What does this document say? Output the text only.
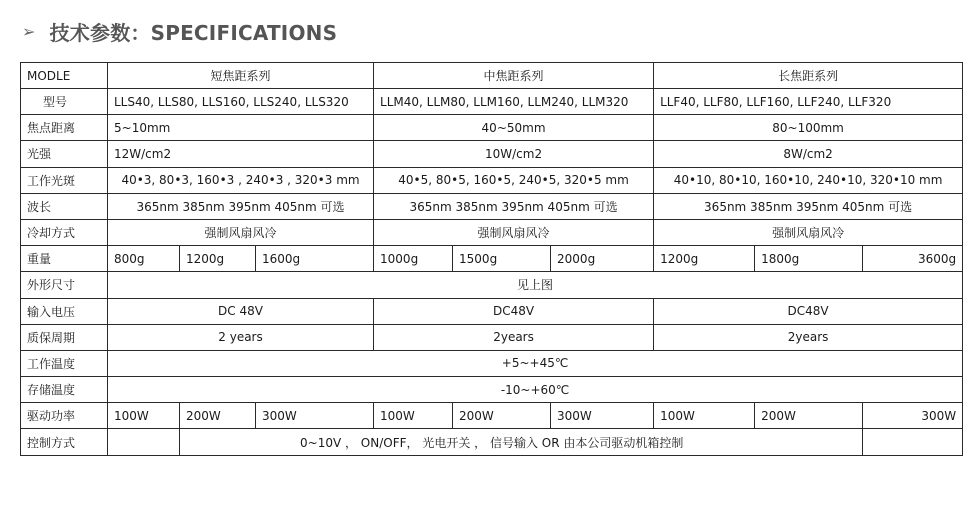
➢ 技术参数：SPECIFICATIONS
MODLE	短焦距系列			中焦距系列			长焦距系列		
型号	LLS40, LLS80, LLS160, LLS240, LLS320			LLM40, LLM80, LLM160, LLM240, LLM320			LLF40, LLF80, LLF160, LLF240, LLF320		
焦点距离	5~10mm			40~50mm			80~100mm		
光强	12W/cm2			10W/cm2			8W/cm2		
工作光斑	40•3, 80•3, 160•3 , 240•3 , 320•3 mm			40•5, 80•5, 160•5, 240•5, 320•5 mm			40•10, 80•10, 160•10, 240•10, 320•10 mm		
波长	365nm 385nm 395nm 405nm 可选			365nm 385nm 395nm 405nm 可选			365nm 385nm 395nm 405nm 可选		
冷却方式	强制风扇风冷			强制风扇风冷			强制风扇风冷		
重量	800g	1200g	1600g	1000g	1500g	2000g	1200g	1800g	3600g
外形尺寸	见上图								
输入电压	DC 48V			DC48V			DC48V		
质保周期	2 years			2years			2years		
工作温度	+5~+45℃								
存储温度	-10~+60℃								
驱动功率	100W	200W	300W	100W	200W	300W	100W	200W	300W
控制方式		0~10V ， ON/OFF， 光电开关 ， 信号输入 OR 由本公司驱动机箱控制							
